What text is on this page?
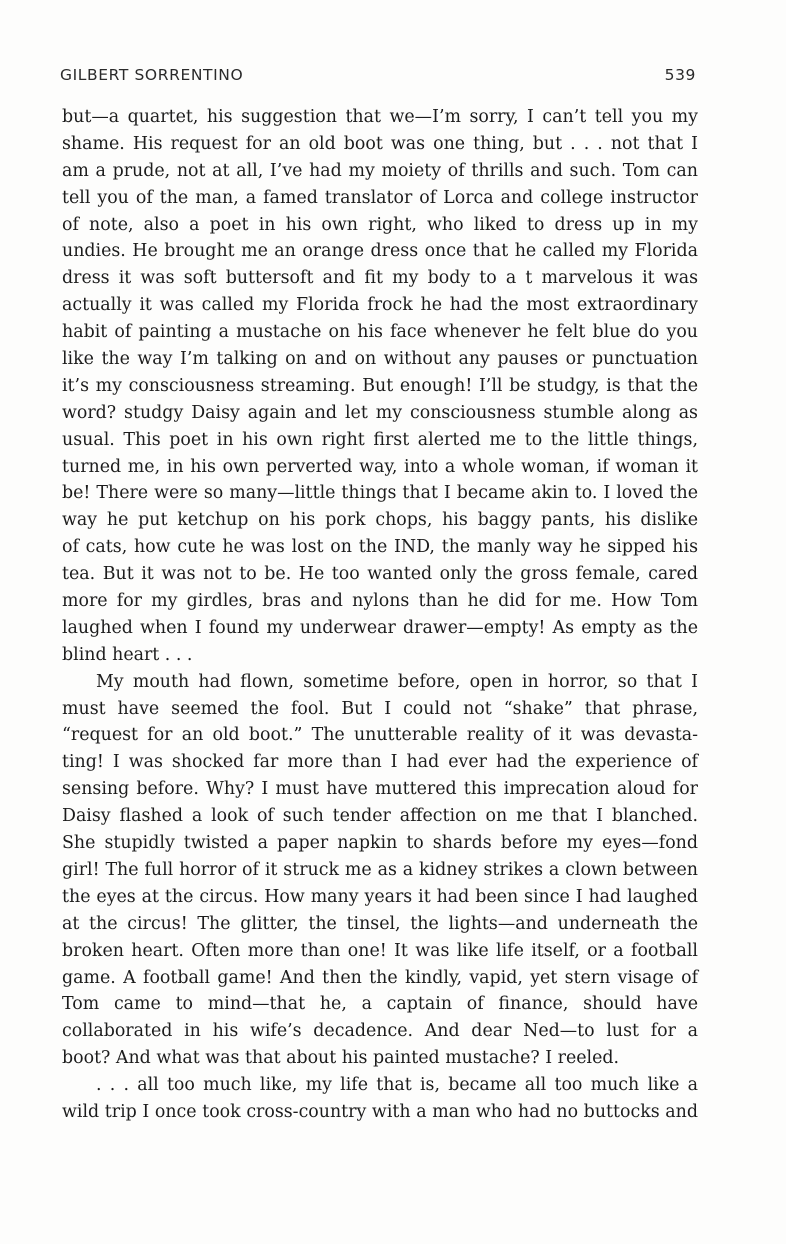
GILBERT SORRENTINO	539
but—a quartet, his suggestion that we—I’m sorry, I can’t tell you my
shame. His request for an old boot was one thing, but . . . not that I
am a prude, not at all, I’ve had my moiety of thrills and such. Tom can
tell you of the man, a famed translator of Lorca and college instructor
of note, also a poet in his own right, who liked to dress up in my
undies. He brought me an orange dress once that he called my Florida
dress it was soft buttersoft and fit my body to a t marvelous it was
actually it was called my Florida frock he had the most extraordinary
habit of painting a mustache on his face whenever he felt blue do you
like the way I’m talking on and on without any pauses or punctuation
it’s my consciousness streaming. But enough! I’ll be studgy, is that the
word? studgy Daisy again and let my consciousness stumble along as
usual. This poet in his own right first alerted me to the little things,
turned me, in his own perverted way, into a whole woman, if woman it
be! There were so many—little things that I became akin to. I loved the
way he put ketchup on his pork chops, his baggy pants, his dislike
of cats, how cute he was lost on the IND, the manly way he sipped his
tea. But it was not to be. He too wanted only the gross female, cared
more for my girdles, bras and nylons than he did for me. How Tom
laughed when I found my underwear drawer—empty! As empty as the
blind heart . . .
My mouth had flown, sometime before, open in horror, so that I
must have seemed the fool. But I could not “shake” that phrase,
“request for an old boot.” The unutterable reality of it was devasta-
ting! I was shocked far more than I had ever had the experience of
sensing before. Why? I must have muttered this imprecation aloud for
Daisy flashed a look of such tender affection on me that I blanched.
She stupidly twisted a paper napkin to shards before my eyes—fond
girl! The full horror of it struck me as a kidney strikes a clown between
the eyes at the circus. How many years it had been since I had laughed
at the circus! The glitter, the tinsel, the lights—and underneath the
broken heart. Often more than one! It was like life itself, or a football
game. A football game! And then the kindly, vapid, yet stern visage of
Tom came to mind—that he, a captain of finance, should have
collaborated in his wife’s decadence. And dear Ned—to lust for a
boot? And what was that about his painted mustache? I reeled.
. . . all too much like, my life that is, became all too much like a
wild trip I once took cross-country with a man who had no buttocks and
